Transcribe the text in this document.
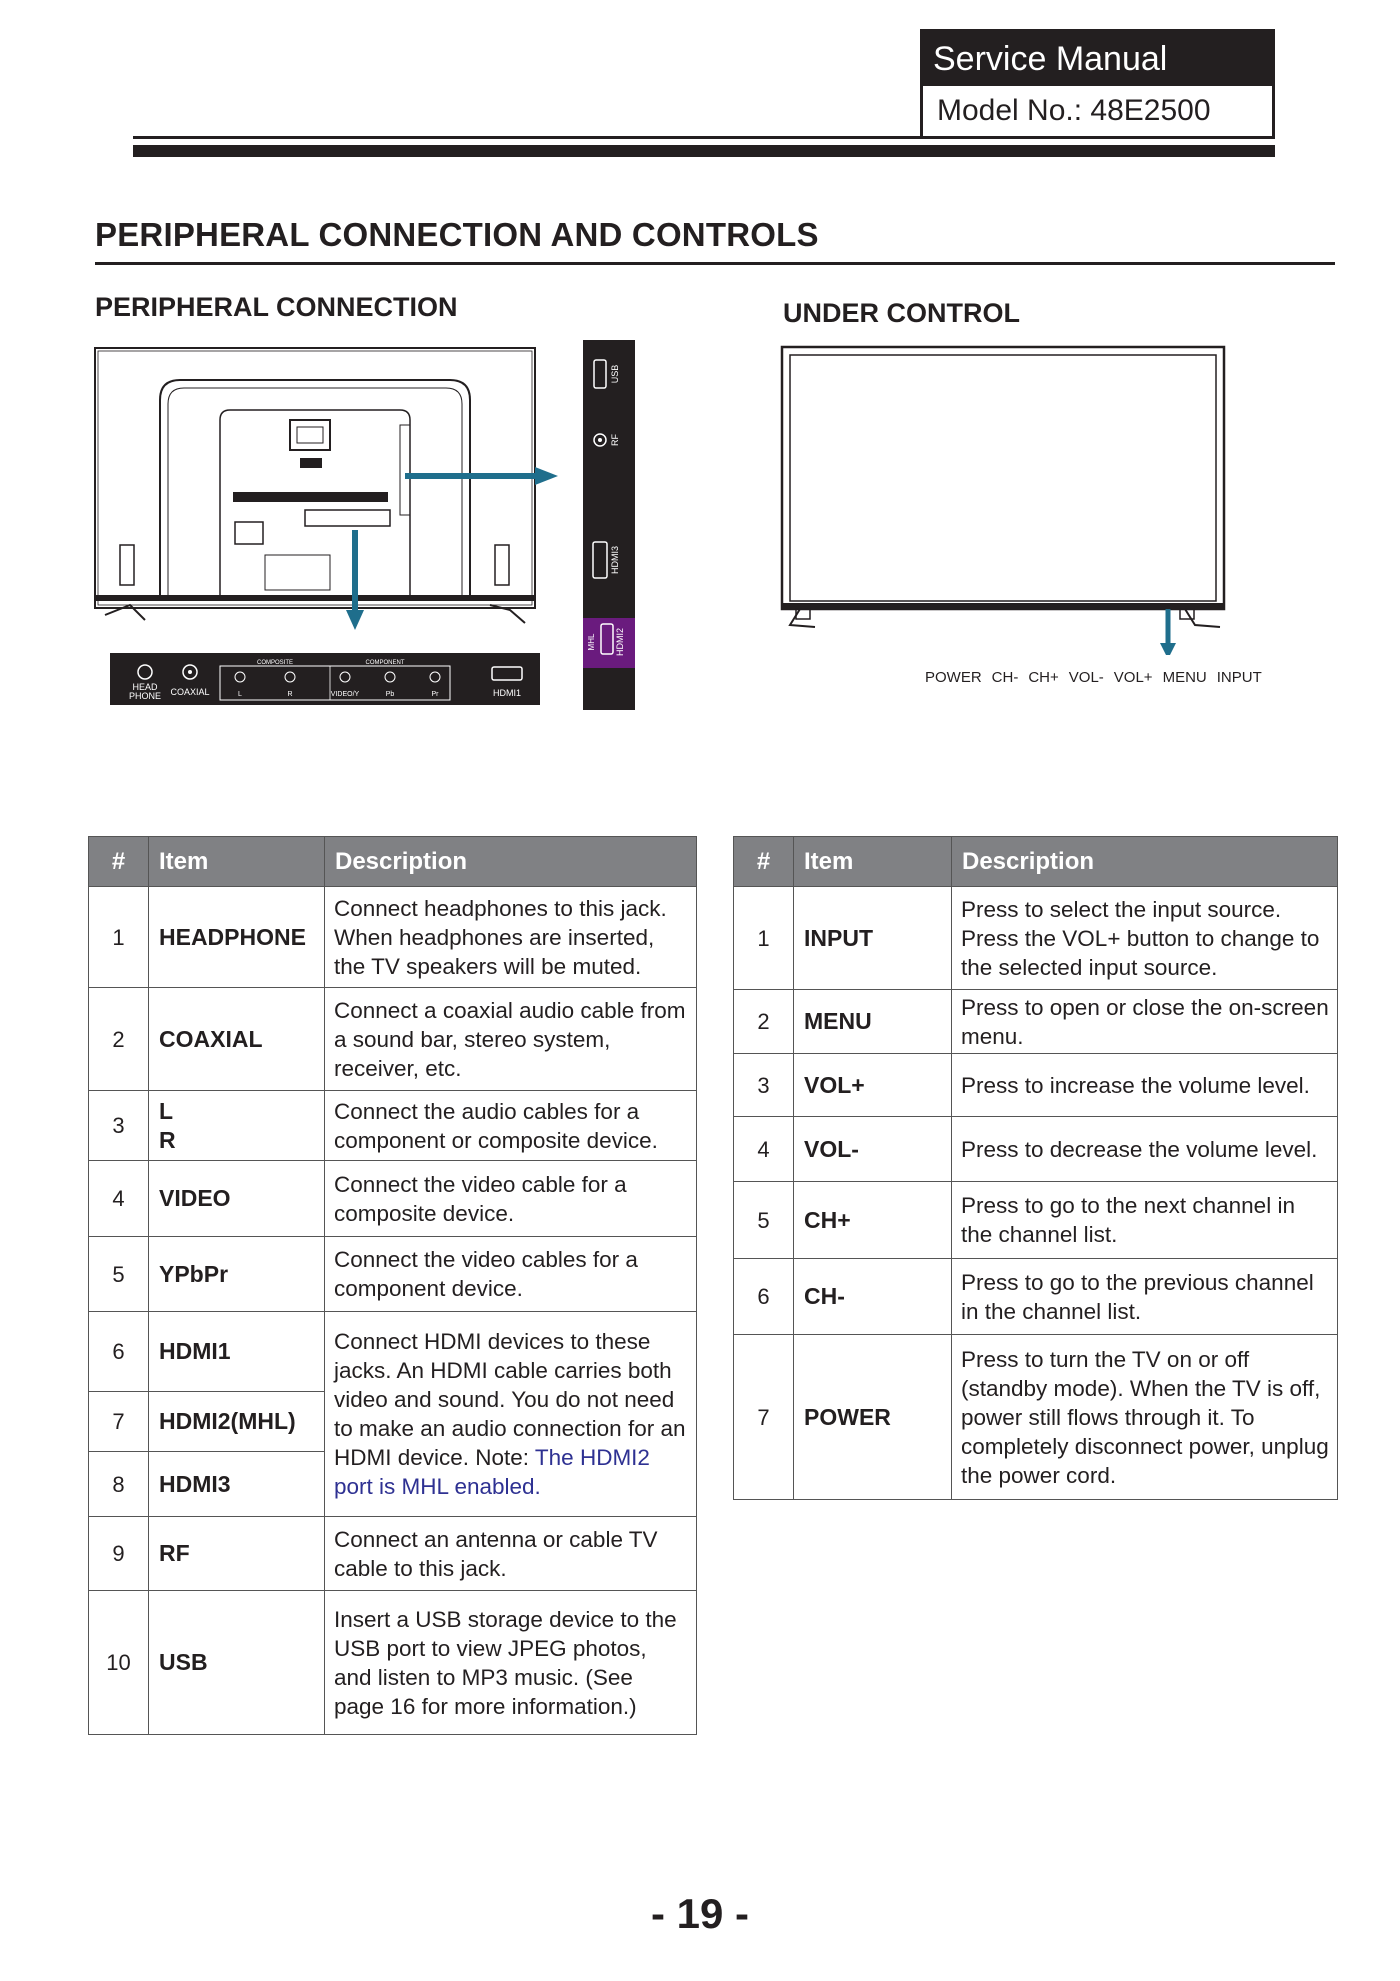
Service Manual
Model No.: 48E2500
PERIPHERAL CONNECTION AND CONTROLS
PERIPHERAL CONNECTION	UNDER CONTROL
USB
RF
HDMI3
HDMI2
MHL
HEAD
PHONE COAXIAL
COMPOSITE	COMPONENT
L	R	VIDEO/Y	Pb	Pr	HDMI1
POWER CH- CH+ VOL- VOL+ MENU INPUT
#	Item	Description
1	HEADPHONE	Connect headphones to this jack. When headphones are inserted, the TV speakers will be muted.
2	COAXIAL	Connect a coaxial audio cable from a sound bar, stereo system, receiver, etc.
3	L
R	Connect the audio cables for a component or composite device.
4	VIDEO	Connect the video cable for a composite device.
5	YPbPr	Connect the video cables for a component device.
6	HDMI1	Connect HDMI devices to these jacks. An HDMI cable carries both video and sound. You do not need to make an audio connection for an HDMI device. Note: The HDMI2 port is MHL enabled.
7	HDMI2(MHL)	
8	HDMI3	
9	RF	Connect an antenna or cable TV cable to this jack.
10	USB	Insert a USB storage device to the USB port to view JPEG photos, and listen to MP3 music. (See page 16 for more information.)
#	Item	Description
1	INPUT	Press to select the input source. Press the VOL+ button to change to the selected input source.
2	MENU	Press to open or close the on-screen menu.
3	VOL+	Press to increase the volume level.
4	VOL-	Press to decrease the volume level.
5	CH+	Press to go to the next channel in the channel list.
6	CH-	Press to go to the previous channel in the channel list.
7	POWER	Press to turn the TV on or off (standby mode). When the TV is off, power still flows through it. To completely disconnect power, unplug the power cord.
- 19 -
